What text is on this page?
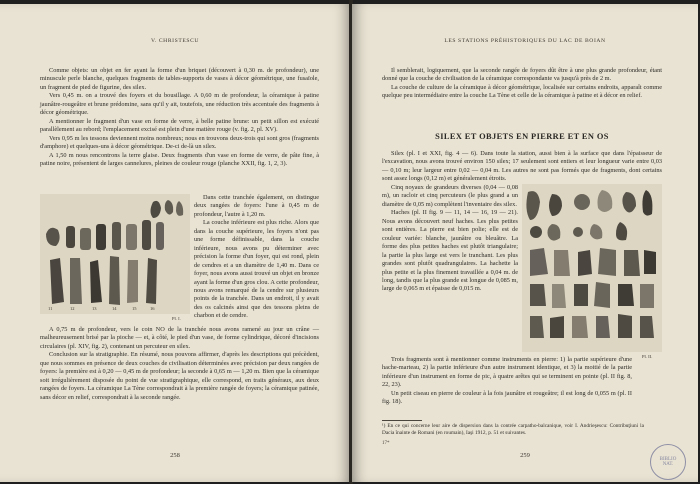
V. CHRISTESCU

Comme objets: un objet en fer ayant la forme d'un briquet (découvert à 0,30 m. de profondeur), une minuscule perle blanche, quelques fragments de tables-supports de vases à décor géométrique, une fusaïole, un fragment de pied de figurine, des silex.

Vers 0,45 m. on a trouvé des foyers et du bousillage. A 0,60 m de profondeur, la céramique à patine jaunâtre-rougeâtre et brune prédomine, sans qu'il y ait, toutefois, une réduction très accentuée des fragments à décor géométrique.

A mentionner le fragment d'un vase en forme de verre, à belle patine brune: un petit sillon est exécuté parallèlement au rebord; l'emplacement excisé est plein d'une matière rouge (v. fig. 2, pl. XV).

Vers 0,95 m les tessons deviennent moins nombreux; nous en trouvons deux-trois qui sont gros (fragments d'amphore) et quelques-uns à décor géométrique. De-ci de-là un silex.

A 1,50 m nous rencontrons la terre glaise. Deux fragments d'un vase en forme de verre, de pâte fine, à patine noire, présentent de larges cannelures, pleines de couleur rouge (planche XXII, fig. 1, 2, 3).

11	12	13	14	15	16
Pl. I.

Dans cette tranchée également, on distingue deux rangées de foyers: l'une à 0,45 m de profondeur, l'autre à 1,20 m.

La couche inférieure est plus riche. Alors que dans la couche supérieure, les foyers n'ont pas une forme définissable, dans la couche inférieure, nous avons pu déterminer avec précision la forme d'un foyer, qui est rond, plein de cendres et a un diamètre de 1,40 m. Dans ce foyer, nous avons aussi trouvé un objet en bronze ayant la forme d'un gros clou. A cette profondeur, nous avons remarqué de la cendre sur plusieurs points de la tranchée. Dans un endroit, il y avait des os calcinés ainsi que des tessons pleins de charbon et de cendre.

A 0,75 m de profondeur, vers le coin NO de la tranchée nous avons ramené au jour un crâne — malheureusement brisé par la pioche — et, à côté, le pied d'un vase, de forme cylindrique, décoré d'incisions circulaires (pl. XIV, fig. 2), contenant un percuteur en silex.

Conclusion sur la stratigraphie. En résumé, nous pouvons affirmer, d'après les descriptions qui précèdent, que nous sommes en présence de deux couches de civilisation déterminées avec précision par deux rangées de foyers: la première est à 0,20 — 0,45 m de profondeur; la seconde à 0,65 m — 1,20 m. Bien que la céramique soit irrégulièrement disposée du point de vue stratigraphique, elle correspond, en traits généraux, aux deux rangées de foyers. La céramique La Tène correspondrait à la première rangée de foyers; la céramique patinée, sans décor en relief, correspondrait à la seconde rangée.

258
LES STATIONS PRÉHISTORIQUES DU LAC DE BOIAN

Il semblerait, logiquement, que la seconde rangée de foyers dût être à une plus grande profondeur, étant donné que la couche de civilisation de la céramique correspondante va jusqu'à près de 2 m.

La couche de culture de la céramique à décor géométrique, localisée sur certains endroits, apparaît comme quelque peu intermédiaire entre la couche La Tène et celle de la céramique à patine et à décor en relief.

SILEX ET OBJETS EN PIERRE ET EN OS

Silex (pl. I et XXI, fig. 4 — 6). Dans toute la station, aussi bien à la surface que dans l'épaisseur de l'excavation, nous avons trouvé environ 150 silex; 17 seulement sont entiers et leur longueur varie entre 0,03 — 0,10 m; leur largeur entre 0,02 — 0,04 m. Les autres ne sont pas formés que de fragments, dont certains sont assez longs (0,12 m) et généralement étroits.

Cinq noyaux de grandeurs diverses (0,04 — 0,08 m), un racloir et cinq percuteurs (le plus grand a un diamètre de 0,05 m) complètent l'inventaire des silex.

Haches (pl. II fig. 9 — 11, 14 — 16, 19 — 21). Nous avons découvert neuf haches. Les plus petites sont entières. La pierre est bien polie; elle est de couleur variée: blanche, jaunâtre ou bleuâtre. La forme des plus petites haches est plutôt triangulaire; la partie la plus large est vers le tranchant. Les plus grandes sont plutôt quadrangulaires. La hachette la plus petite et la plus finement travaillée a 0,04 m. de long, tandis que la plus grande est longue de 0,085 m, large de 0,065 m et épaisse de 0,015 m.

Pl. II.

Trois fragments sont à mentionner comme instruments en pierre: 1) la partie supérieure d'une hache-marteau, 2) la partie inférieure d'un autre instrument identique, et 3) la moitié de la partie inférieure d'un instrument en forme de pic, à quatre arêtes qui se terminent en pointe (pl. II fig. 8, 22, 23).

Un petit ciseau en pierre de couleur à la fois jaunâtre et rougeâtre; il est long de 0,055 m (pl. II fig. 18).

¹) En ce qui concerne leur aire de dispersion dans la contrée carpatho-balcanique, voir I. Andrieşescu: Contribuţiuni la Dacia înainte de Romani (en roumain), Iaşi 1912, p. 51 et suivantes.
17*
259
BIBLIO
NAT.
